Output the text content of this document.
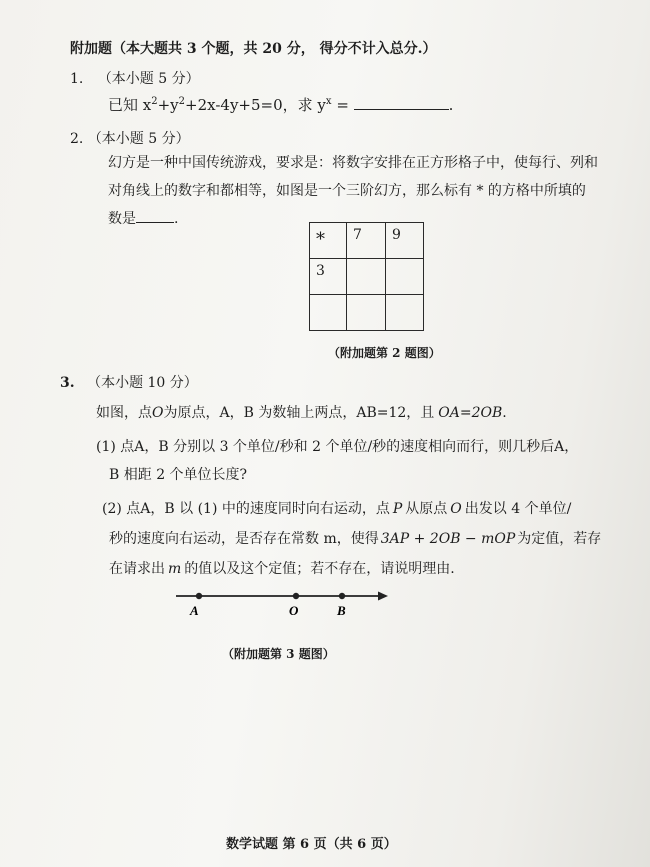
附加题（本大题共 3 个题，共 20 分， 得分不计入总分.）
1. （本小题 5 分）
已知 $x^2+y^2+2x-4y+5=0$，求 $y^x$ =	.
2. （本小题 5 分）
幻方是一种中国传统游戏，要求是：将数字安排在正方形格子中，使每行、列和
对角线上的数字和都相等，如图是一个三阶幻方，那么标有 * 的方格中所填的
数是	.
*	7	9
3		

（附加题第 2 题图）
3. （本小题 10 分）
如图，点O为原点，A，B 为数轴上两点，AB=12，且 OA=2OB.
(1) 点A，B 分别以 3 个单位/秒和 2 个单位/秒的速度相向而行，则几秒后A，
B 相距 2 个单位长度?
(2) 点A，B 以 (1) 中的速度同时向右运动，点 P 从原点 O 出发以 4 个单位/
秒的速度向右运动，是否存在常数 m，使得 3AP + 2OB − mOP 为定值，若存
在请求出 m 的值以及这个定值；若不存在，请说明理由.
A	O	B
（附加题第 3 题图）
数学试题 第 6 页（共 6 页）
